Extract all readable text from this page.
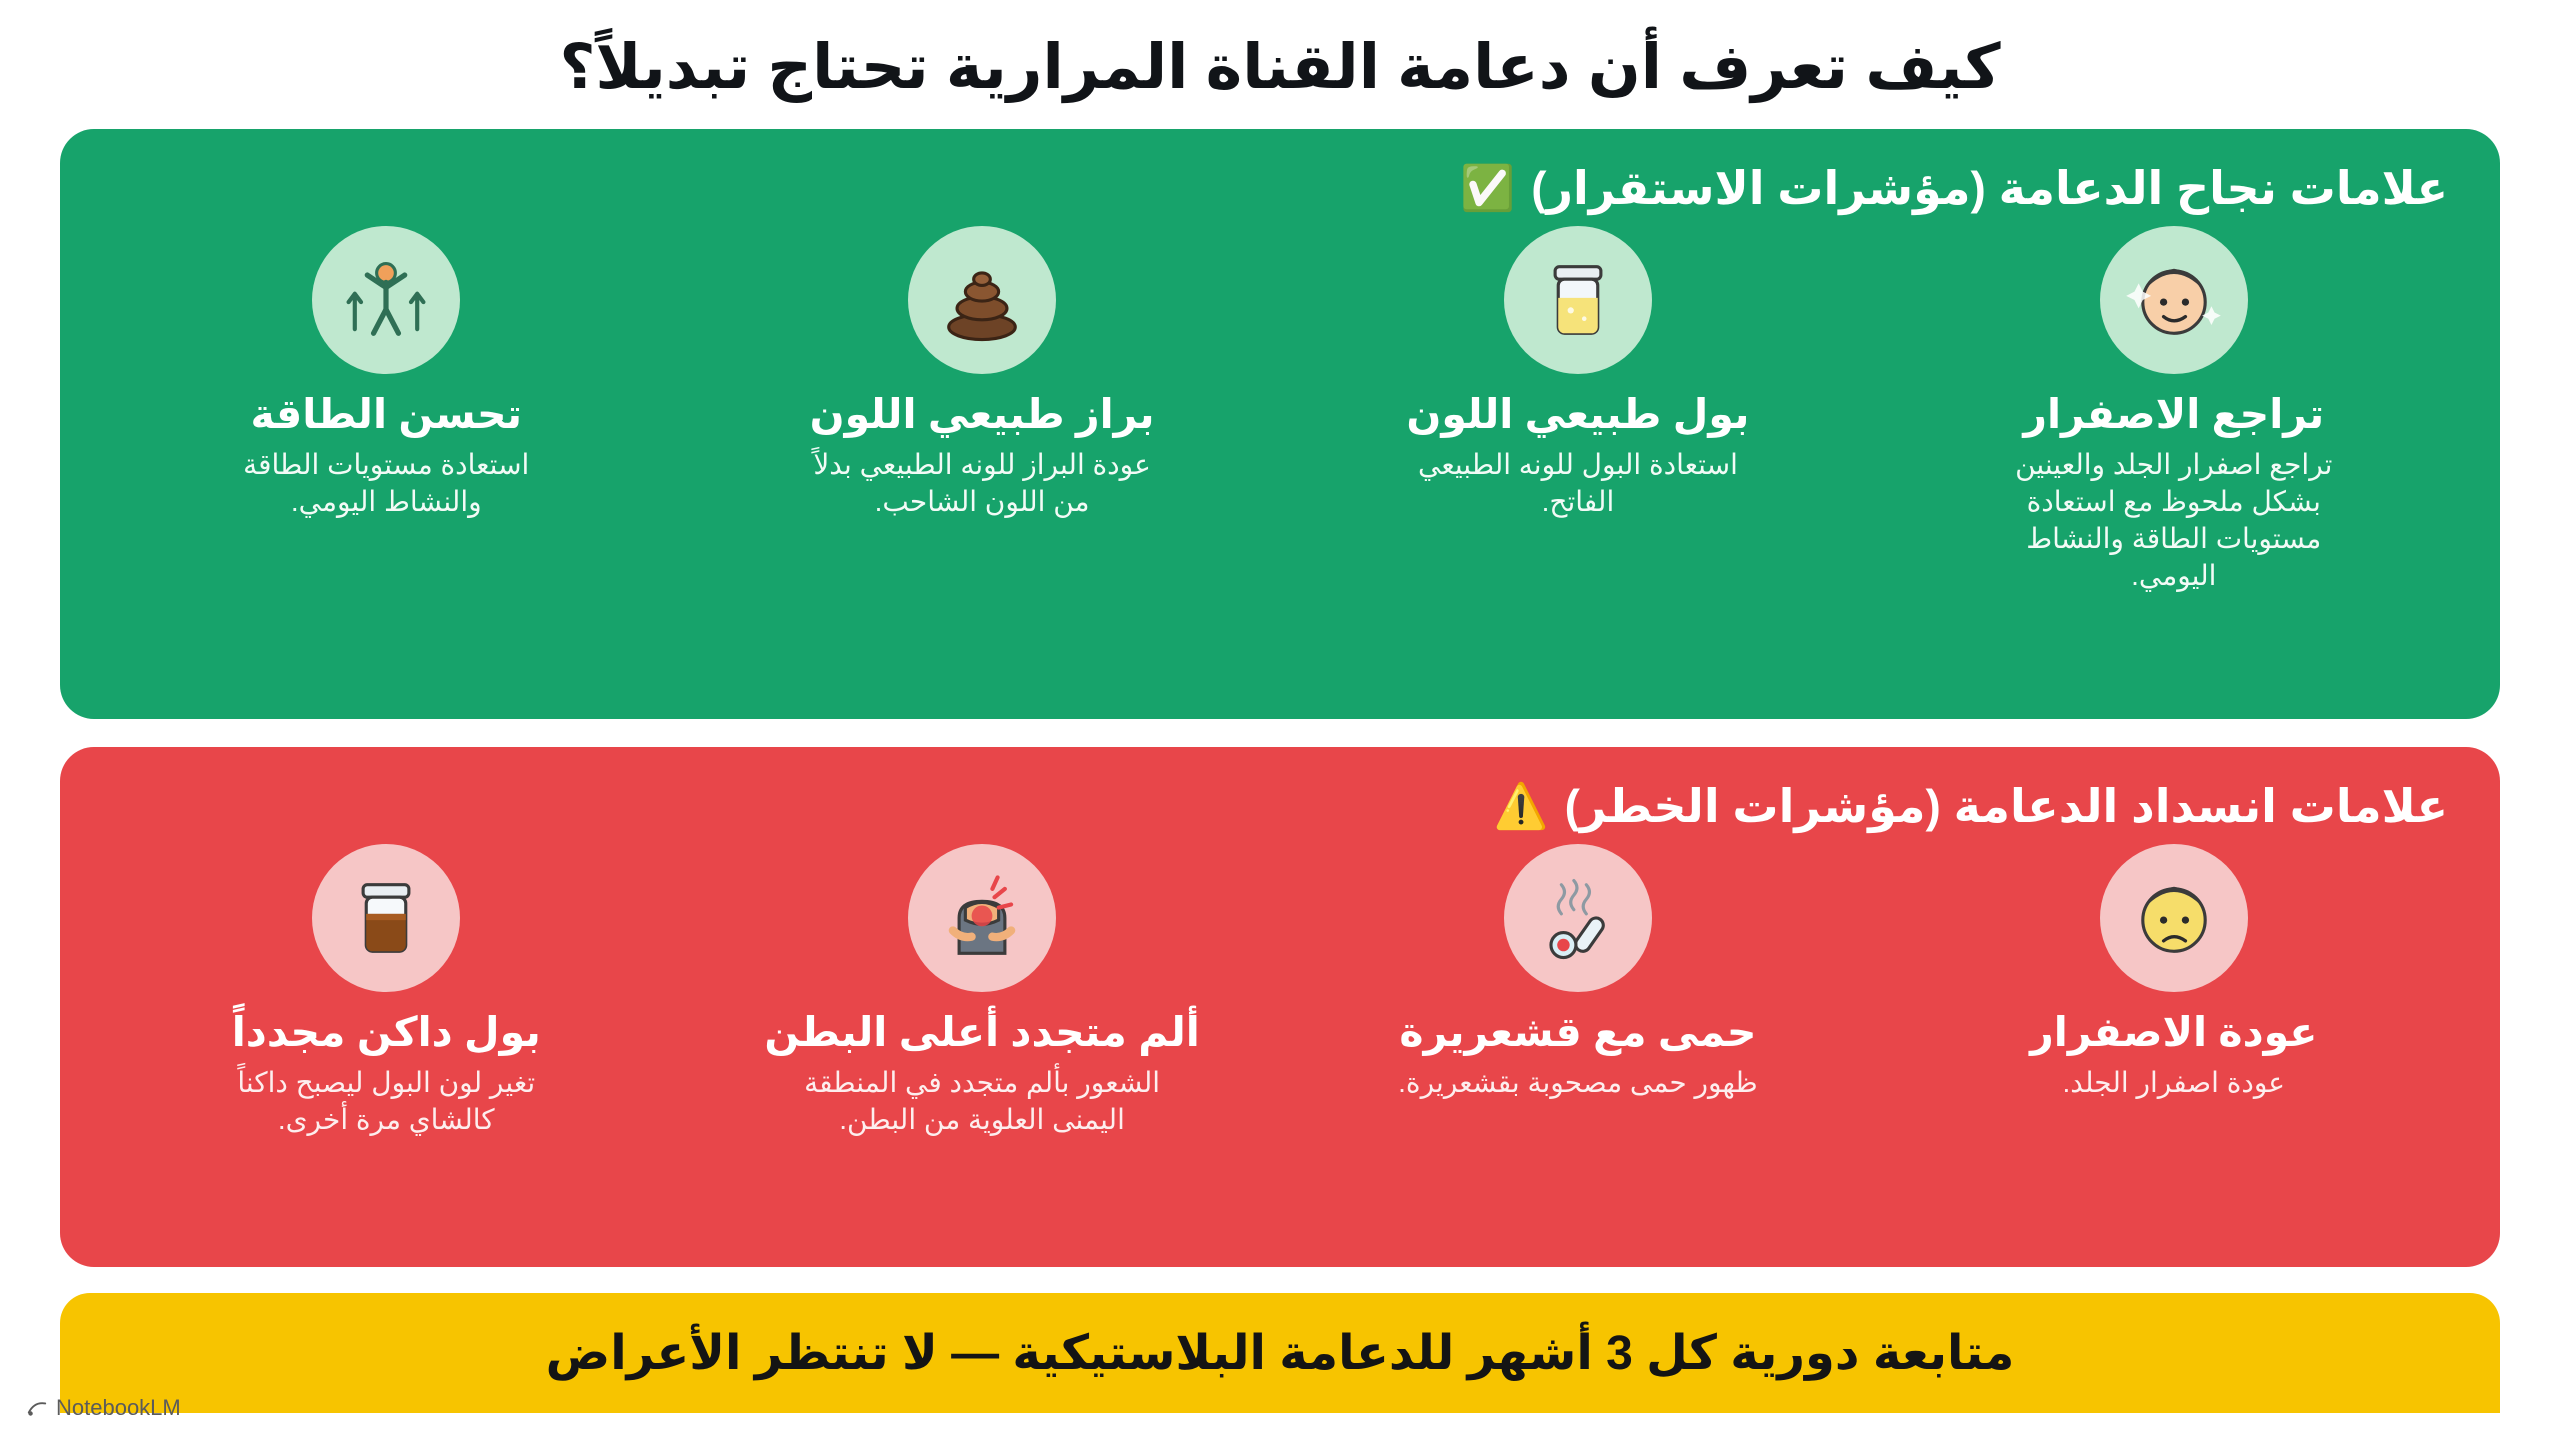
كيف تعرف أن دعامة القناة المرارية تحتاج تبديلاً؟
علامات نجاح الدعامة (مؤشرات الاستقرار)
✅
تراجع الاصفرار
تراجع اصفرار الجلد والعينين بشكل ملحوظ مع استعادة مستويات الطاقة والنشاط اليومي.
بول طبيعي اللون
استعادة البول للونه الطبيعي الفاتح.
براز طبيعي اللون
عودة البراز للونه الطبيعي بدلاً من اللون الشاحب.
تحسن الطاقة
استعادة مستويات الطاقة والنشاط اليومي.
علامات انسداد الدعامة (مؤشرات الخطر)
⚠️
عودة الاصفرار
عودة اصفرار الجلد.
حمى مع قشعريرة
ظهور حمى مصحوبة بقشعريرة.
ألم متجدد أعلى البطن
الشعور بألم متجدد في المنطقة اليمنى العلوية من البطن.
بول داكن مجدداً
تغير لون البول ليصبح داكناً كالشاي مرة أخرى.
متابعة دورية كل 3 أشهر للدعامة البلاستيكية — لا تنتظر الأعراض
NotebookLM
